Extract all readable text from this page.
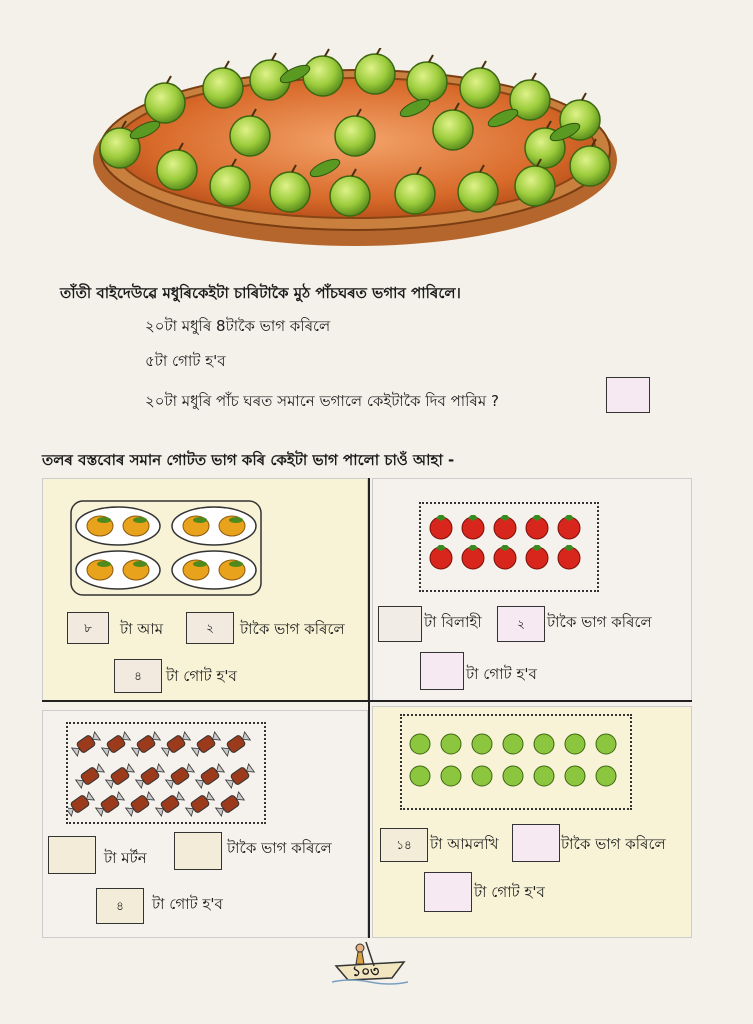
তাঁতী বাইদেউৱে মধুৰিকেইটা চাৰিটাকৈ মুঠ পাঁচঘৰত ভগাব পাৰিলে।
২০টা মধুৰি 8টাকৈ ভাগ কৰিলে
৫টা গোট হ'ব
২০টা মধুৰি পাঁচ ঘৰত সমানে ভগালে কেইটাকৈ দিব পাৰিম ?
তলৰ বস্তবোৰ সমান গোটত ভাগ কৰি কেইটা ভাগ পালো চাওঁ আহা -
৮	টা আম	২	টাকৈ ভাগ কৰিলে
৪	টা গোট হ'ব
টা বিলাহী	২	টাকৈ ভাগ কৰিলে
টা গোট হ'ব
টা মৰ্টন
টাকৈ ভাগ কৰিলে
৪	টা গোট হ'ব
১৪	টা আমলখি	টাকৈ ভাগ কৰিলে
টা গোট হ'ব
১০৩
